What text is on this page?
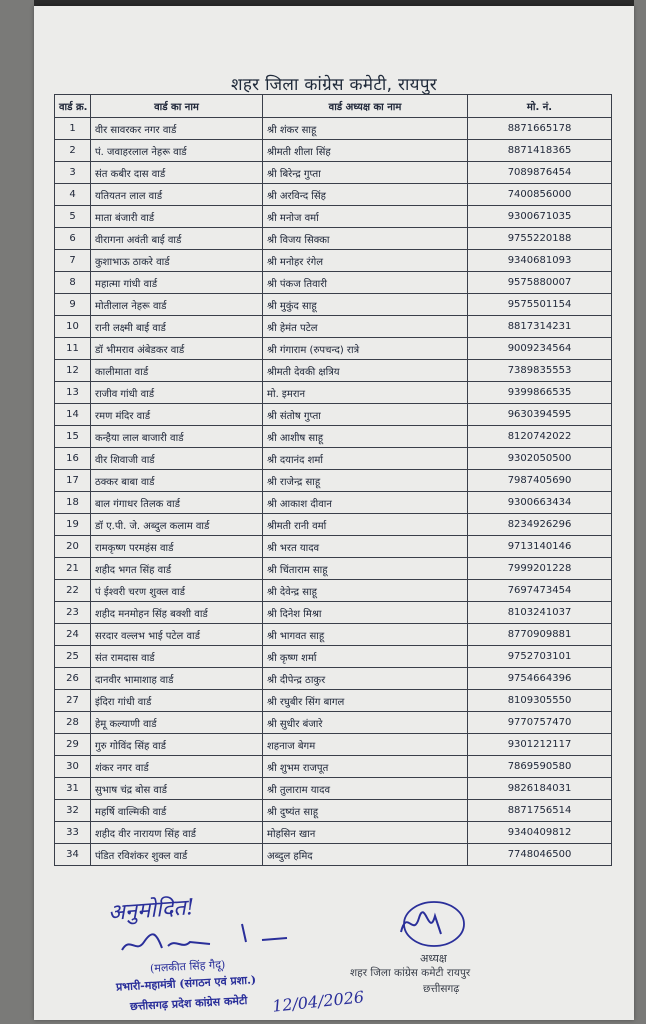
शहर जिला कांग्रेस कमेटी, रायपुर
वार्ड क्र.	वार्ड का नाम	वार्ड अध्यक्ष का नाम	मो. नं.
1	वीर सावरकर नगर वार्ड	श्री शंकर साहू	8871665178
2	पं. जवाहरलाल नेहरू वार्ड	श्रीमती शीला सिंह	8871418365
3	संत कबीर दास वार्ड	श्री बिरेन्द्र गुप्ता	7089876454
4	यतियतन लाल वार्ड	श्री अरविन्द सिंह	7400856000
5	माता बंजारी वार्ड	श्री मनोज वर्मा	9300671035
6	वीरागना अवंती बाई वार्ड	श्री विजय सिक्का	9755220188
7	कुशाभाऊ ठाकरे वार्ड	श्री मनोहर रंगेल	9340681093
8	महात्मा गांधी वार्ड	श्री पंकज तिवारी	9575880007
9	मोतीलाल नेहरू वार्ड	श्री मुकुंद साहू	9575501154
10	रानी लक्ष्मी बाई वार्ड	श्री हेमंत पटेल	8817314231
11	डॉ भीमराव अंबेडकर वार्ड	श्री गंगाराम (रुपचन्द) रात्रे	9009234564
12	कालीमाता वार्ड	श्रीमती देवकी क्षत्रिय	7389835553
13	राजीव गांधी वार्ड	मो. इमरान	9399866535
14	रमण मंदिर वार्ड	श्री संतोष गुप्ता	9630394595
15	कन्हैया लाल बाजारी वार्ड	श्री आशीष साहू	8120742022
16	वीर शिवाजी वार्ड	श्री दयानंद शर्मा	9302050500
17	ठक्कर बाबा वार्ड	श्री राजेन्द्र साहू	7987405690
18	बाल गंगाधर तिलक वार्ड	श्री आकाश दीवान	9300663434
19	डॉ ए.पी. जे. अब्दुल कलाम वार्ड	श्रीमती रानी वर्मा	8234926296
20	रामकृष्ण परमहंस वार्ड	श्री भरत यादव	9713140146
21	शहीद भगत सिंह वार्ड	श्री चिंताराम साहू	7999201228
22	पं ईश्वरी चरण शुक्ल वार्ड	श्री देवेन्द्र साहू	7697473454
23	शहीद मनमोहन सिंह बक्शी वार्ड	श्री दिनेश मिश्रा	8103241037
24	सरदार वल्लभ भाई पटेल वार्ड	श्री भागवत साहू	8770909881
25	संत रामदास वार्ड	श्री कृष्ण शर्मा	9752703101
26	दानवीर भामाशाह वार्ड	श्री दीपेन्द्र ठाकुर	9754664396
27	इंदिरा गांधी वार्ड	श्री रघुबीर सिंग बागल	8109305550
28	हेमू कल्याणी वार्ड	श्री सुधीर बंजारे	9770757470
29	गुरु गोविंद सिंह वार्ड	शहनाज बेगम	9301212117
30	शंकर नगर वार्ड	श्री शुभम राजपूत	7869590580
31	सुभाष चंद्र बोस वार्ड	श्री तुलाराम यादव	9826184031
32	महर्षि वाल्मिकी वार्ड	श्री दुष्यंत साहू	8871756514
33	शहीद वीर नारायण सिंह वार्ड	मोहसिन खान	9340409812
34	पंडित रविशंकर शुक्ल वार्ड	अब्दुल हमिद	7748046500
अनुमोदित!
(मलकीत सिंह गैदू)
प्रभारी-महामंत्री (संगठन एवं प्रशा.)
छत्तीसगढ़ प्रदेश कांग्रेस कमेटी 12/04/2026
अध्यक्ष
शहर जिला कांग्रेस कमेटी रायपुर
छत्तीसगढ़
